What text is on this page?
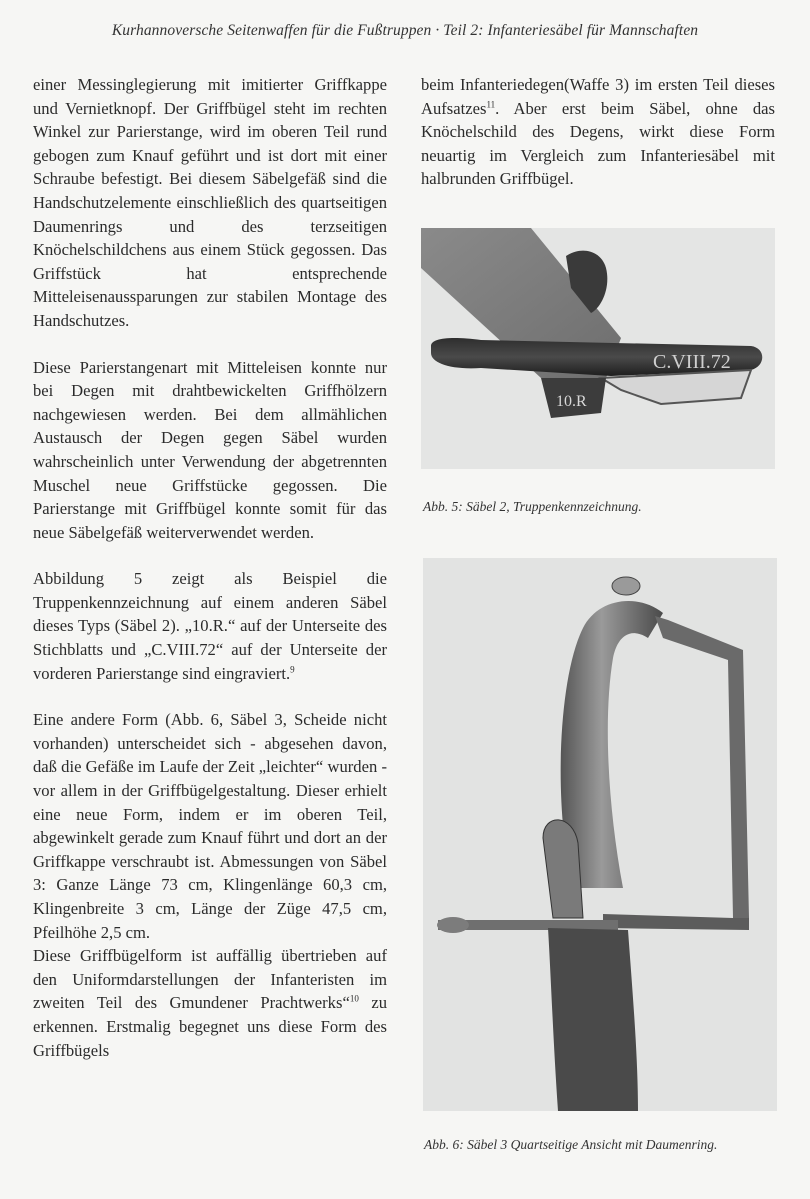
Kurhannoversche Seitenwaffen für die Fußtruppen · Teil 2: Infanteriesäbel für Mannschaften

einer Messinglegierung mit imitierter Griffkappe und Vernietknopf. Der Griffbügel steht im rechten Winkel zur Parierstange, wird im oberen Teil rund gebogen zum Knauf geführt und ist dort mit einer Schraube befestigt. Bei diesem Säbelgefäß sind die Handschutzelemente einschließlich des quartseitigen Daumenrings und des terzseitigen Knöchelschildchens aus einem Stück gegossen. Das Griffstück hat entsprechende Mitteleisenaussparungen zur stabilen Montage des Handschutzes.

Diese Parierstangenart mit Mitteleisen konnte nur bei Degen mit drahtbewickelten Griffhölzern nachgewiesen werden. Bei dem allmählichen Austausch der Degen gegen Säbel wurden wahrscheinlich unter Verwendung der abgetrennten Muschel neue Griffstücke gegossen. Die Parierstange mit Griffbügel konnte somit für das neue Säbelgefäß weiterverwendet werden.

Abbildung 5 zeigt als Beispiel die Truppenkennzeichnung auf einem anderen Säbel dieses Typs (Säbel 2). „10.R.“ auf der Unterseite des Stichblatts und „C.VIII.72“ auf der Unterseite der vorderen Parierstange sind eingraviert.$^9$

Eine andere Form (Abb. 6, Säbel 3, Scheide nicht vorhanden) unterscheidet sich - abgesehen davon, daß die Gefäße im Laufe der Zeit „leichter“ wurden - vor allem in der Griffbügelgestaltung. Dieser erhielt eine neue Form, indem er im oberen Teil, abgewinkelt gerade zum Knauf führt und dort an der Griffkappe verschraubt ist. Abmessungen von Säbel 3: Ganze Länge 73 cm, Klingenlänge 60,3 cm, Klingenbreite 3 cm, Länge der Züge 47,5 cm, Pfeilhöhe 2,5 cm.

Diese Griffbügelform ist auffällig übertrieben auf den Uniformdarstellungen der Infanteristen im zweiten Teil des Gmundener Prachtwerks“$^{10}$ zu erkennen. Erstmalig begegnet uns diese Form des Griffbügels

beim Infanteriedegen(Waffe 3) im ersten Teil dieses Aufsatzes$^{11}$. Aber erst beim Säbel, ohne das Knöchelschild des Degens, wirkt diese Form neuartig im Vergleich zum Infanteriesäbel mit halbrunden Griffbügel.

10.R
C.VIII.72
Abb. 5: Säbel 2, Truppenkennzeichnung.
Abb. 6: Säbel 3 Quartseitige Ansicht mit Daumenring.
